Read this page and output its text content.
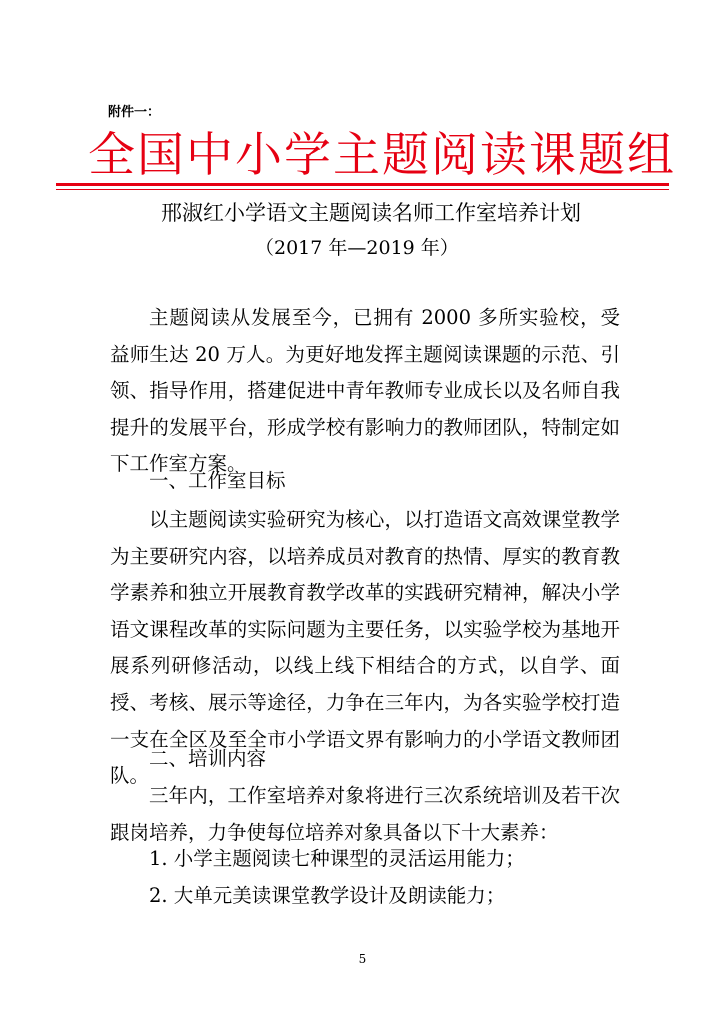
附件一：
全国中小学主题阅读课题组
邢淑红小学语文主题阅读名师工作室培养计划
（2017 年—2019 年）
主题阅读从发展至今，已拥有 2000 多所实验校，受益师生达 20 万人。为更好地发挥主题阅读课题的示范、引领、指导作用，搭建促进中青年教师专业成长以及名师自我提升的发展平台，形成学校有影响力的教师团队，特制定如下工作室方案。
一、工作室目标
以主题阅读实验研究为核心，以打造语文高效课堂教学为主要研究内容，以培养成员对教育的热情、厚实的教育教学素养和独立开展教育教学改革的实践研究精神，解决小学语文课程改革的实际问题为主要任务，以实验学校为基地开展系列研修活动，以线上线下相结合的方式，以自学、面授、考核、展示等途径，力争在三年内，为各实验学校打造一支在全区及至全市小学语文界有影响力的小学语文教师团队。
二、培训内容
三年内，工作室培养对象将进行三次系统培训及若干次跟岗培养，力争使每位培养对象具备以下十大素养：
1. 小学主题阅读七种课型的灵活运用能力；
2. 大单元美读课堂教学设计及朗读能力；
5
